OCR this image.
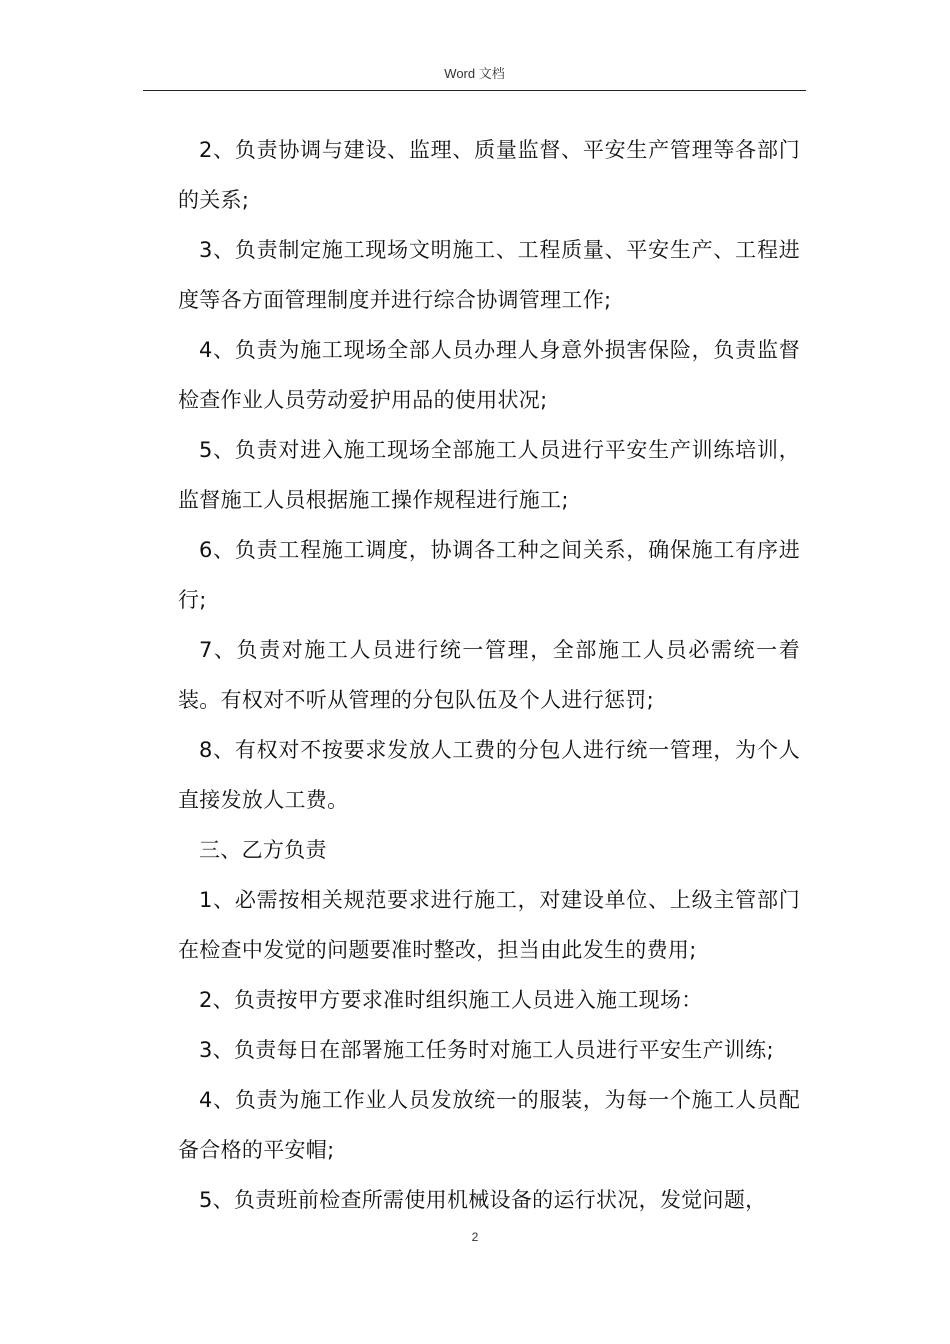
Word 文档

2、负责协调与建设、监理、质量监督、平安生产管理等各部门的关系;

3、负责制定施工现场文明施工、工程质量、平安生产、工程进度等各方面管理制度并进行综合协调管理工作;

4、负责为施工现场全部人员办理人身意外损害保险，负责监督检查作业人员劳动爱护用品的使用状况;

5、负责对进入施工现场全部施工人员进行平安生产训练培训，监督施工人员根据施工操作规程进行施工;

6、负责工程施工调度，协调各工种之间关系，确保施工有序进行;

7、负责对施工人员进行统一管理，全部施工人员必需统一着装。有权对不听从管理的分包队伍及个人进行惩罚;

8、有权对不按要求发放人工费的分包人进行统一管理，为个人直接发放人工费。

三、乙方负责

1、必需按相关规范要求进行施工，对建设单位、上级主管部门在检查中发觉的问题要准时整改，担当由此发生的费用;

2、负责按甲方要求准时组织施工人员进入施工现场：

3、负责每日在部署施工任务时对施工人员进行平安生产训练;

4、负责为施工作业人员发放统一的服装，为每一个施工人员配备合格的平安帽;

5、负责班前检查所需使用机械设备的运行状况，发觉问题，

2
